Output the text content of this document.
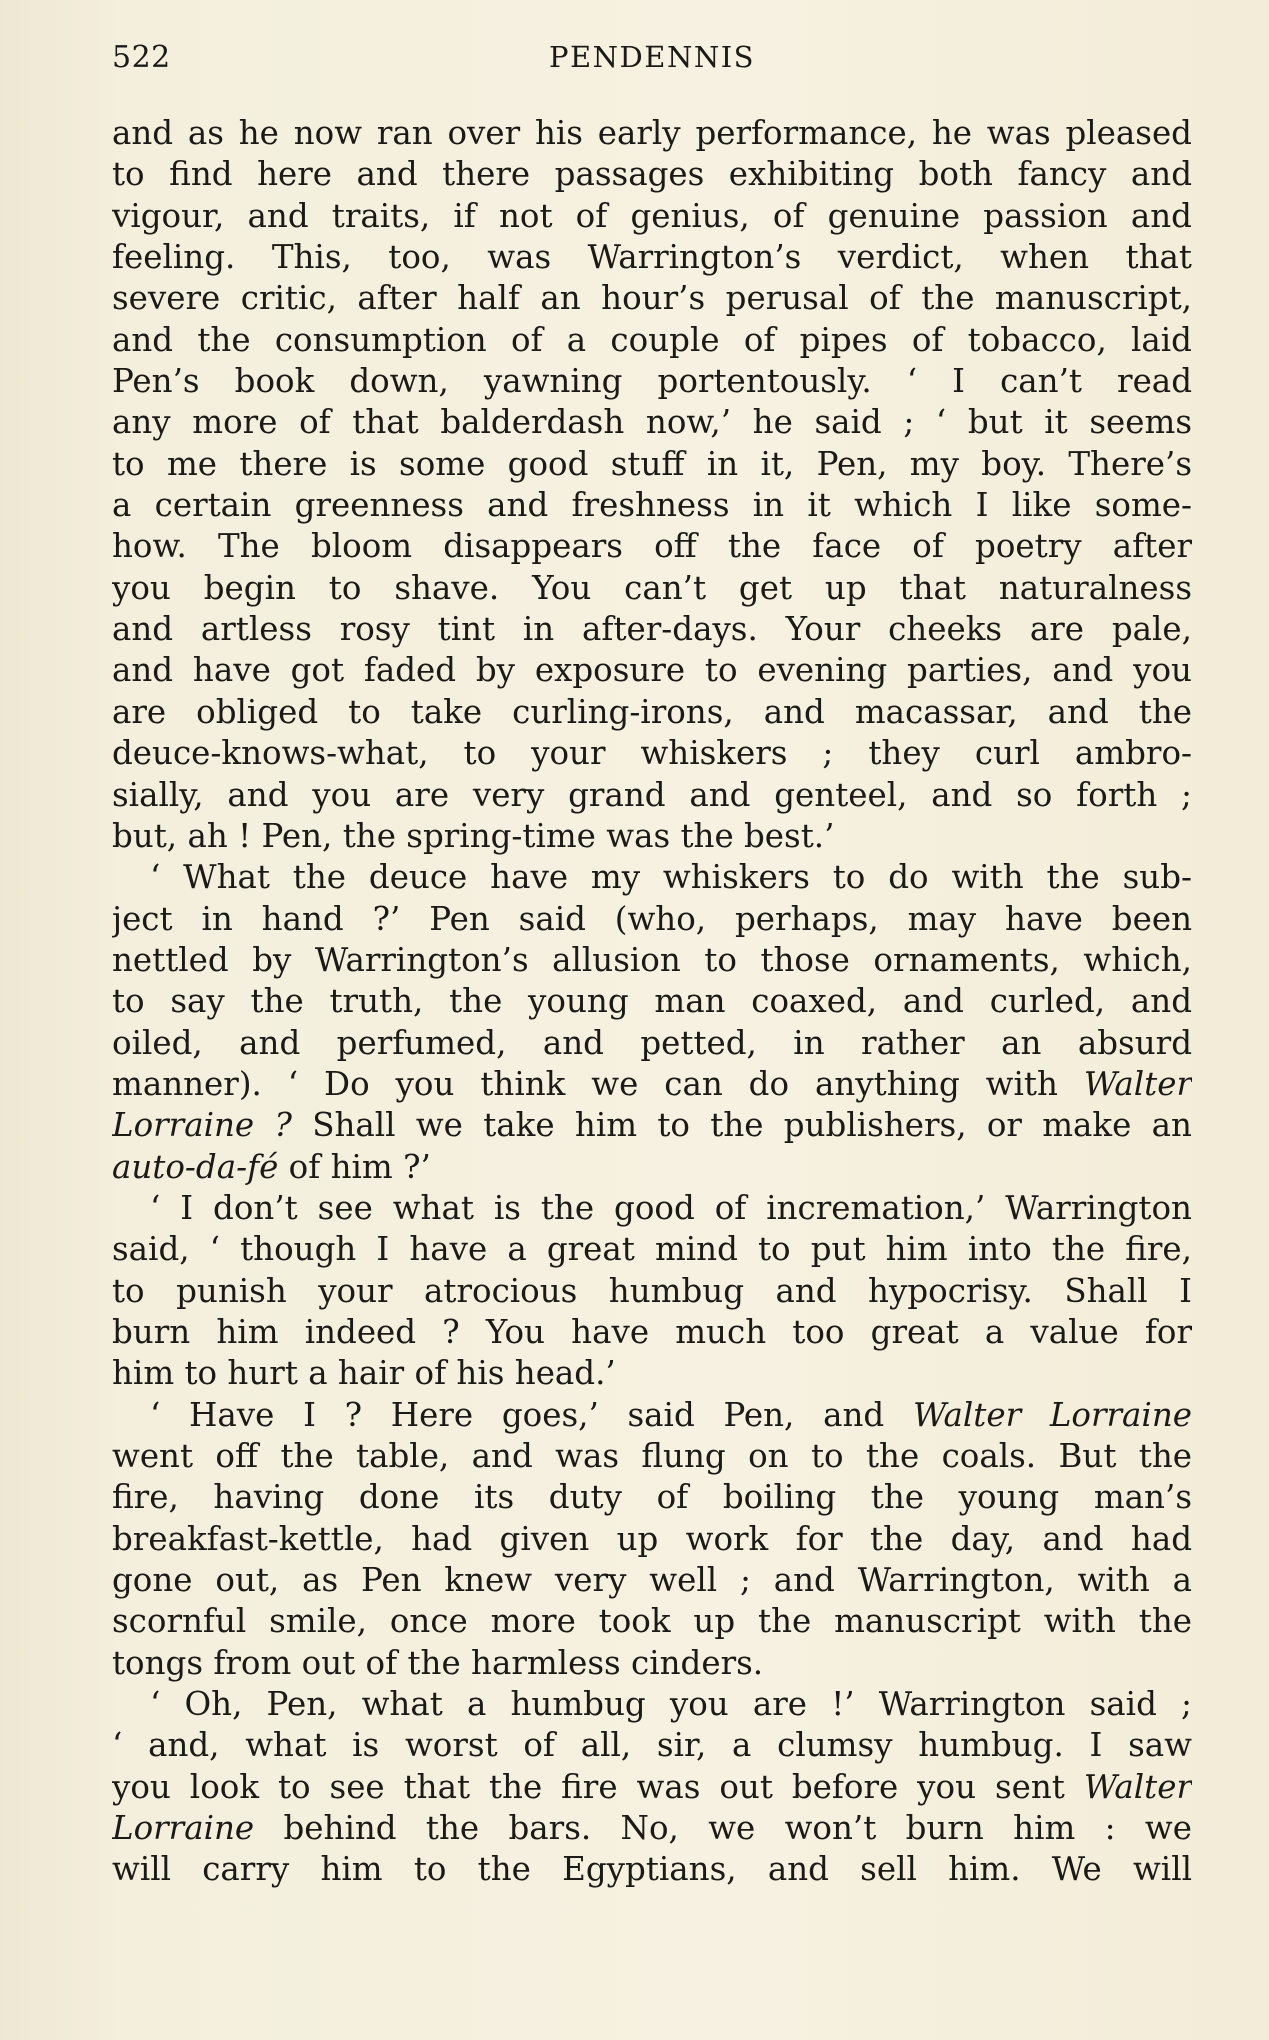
522	PENDENNIS
and as he now ran over his early performance, he was pleased
to find here and there passages exhibiting both fancy and
vigour, and traits, if not of genius, of genuine passion and
feeling. This, too, was Warrington’s verdict, when that
severe critic, after half an hour’s perusal of the manuscript,
and the consumption of a couple of pipes of tobacco, laid
Pen’s book down, yawning portentously. ‘ I can’t read
any more of that balderdash now,’ he said ; ‘ but it seems
to me there is some good stuff in it, Pen, my boy. There’s
a certain greenness and freshness in it which I like some-
how. The bloom disappears off the face of poetry after
you begin to shave. You can’t get up that naturalness
and artless rosy tint in after-days. Your cheeks are pale,
and have got faded by exposure to evening parties, and you
are obliged to take curling-irons, and macassar, and the
deuce-knows-what, to your whiskers ; they curl ambro-
sially, and you are very grand and genteel, and so forth ;
but, ah ! Pen, the spring-time was the best.’
‘ What the deuce have my whiskers to do with the sub-
ject in hand ?’ Pen said (who, perhaps, may have been
nettled by Warrington’s allusion to those ornaments, which,
to say the truth, the young man coaxed, and curled, and
oiled, and perfumed, and petted, in rather an absurd
manner). ‘ Do you think we can do anything with Walter
Lorraine ? Shall we take him to the publishers, or make an
auto-da-fé of him ?’
‘ I don’t see what is the good of incremation,’ Warrington
said, ‘ though I have a great mind to put him into the fire,
to punish your atrocious humbug and hypocrisy. Shall I
burn him indeed ? You have much too great a value for
him to hurt a hair of his head.’
‘ Have I ? Here goes,’ said Pen, and Walter Lorraine
went off the table, and was flung on to the coals. But the
fire, having done its duty of boiling the young man’s
breakfast-kettle, had given up work for the day, and had
gone out, as Pen knew very well ; and Warrington, with a
scornful smile, once more took up the manuscript with the
tongs from out of the harmless cinders.
‘ Oh, Pen, what a humbug you are !’ Warrington said ;
‘ and, what is worst of all, sir, a clumsy humbug. I saw
you look to see that the fire was out before you sent Walter
Lorraine behind the bars. No, we won’t burn him : we
will carry him to the Egyptians, and sell him. We will
